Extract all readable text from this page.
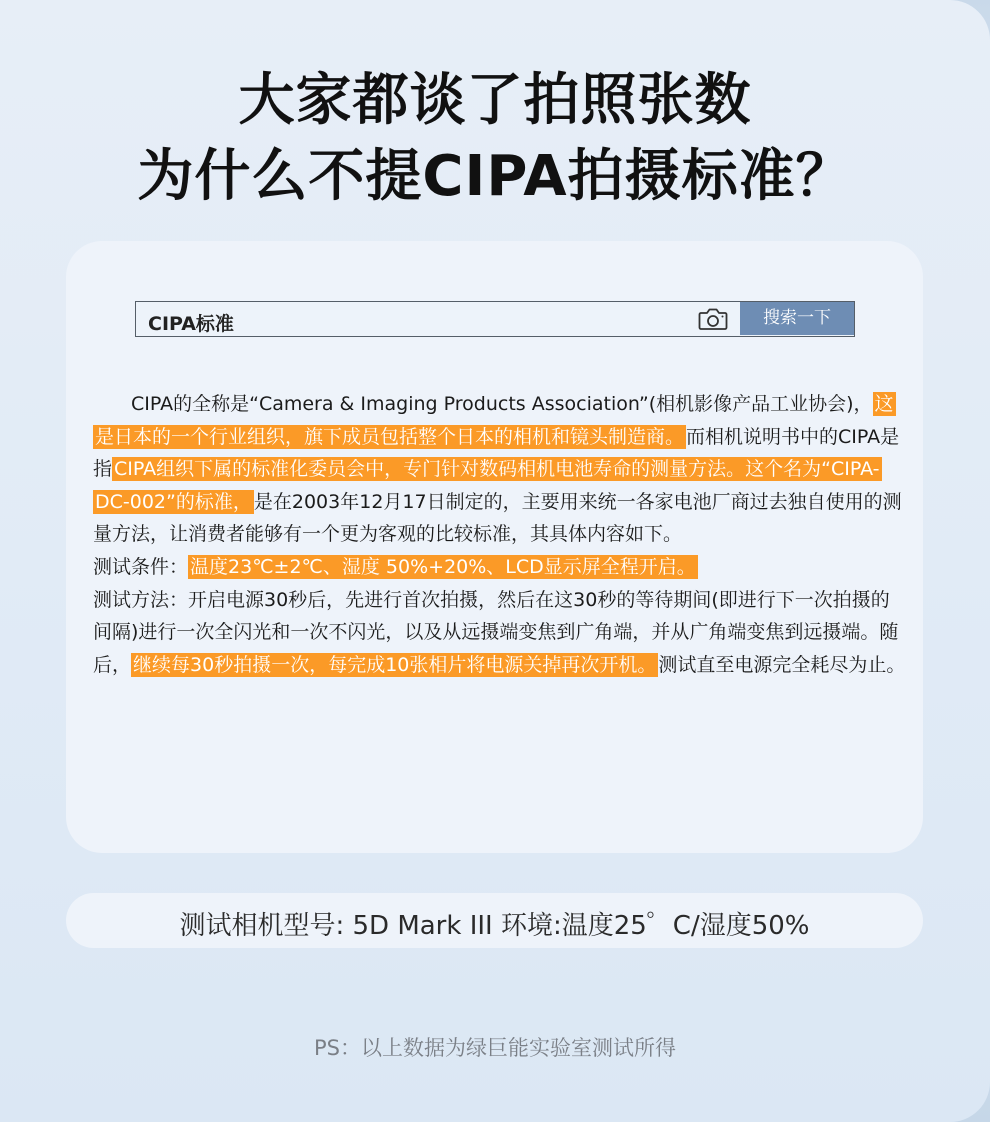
大家都谈了拍照张数
为什么不提CIPA拍摄标准？
CIPA标准	搜索一下

CIPA的全称是“Camera & Imaging Products Association”(相机影像产品工业协会)， 这是日本的一个行业组织，旗下成员包括整个日本的相机和镜头制造商。 而相机说明书中的CIPA是指 CIPA组织下属的标准化委员会中，专门针对数码相机电池寿命的测量方法。这个名为“CIPA-DC-002”的标准， 是在2003年12月17日制定的，主要用来统一各家电池厂商过去独自使用的测量方法，让消费者能够有一个更为客观的比较标准，其具体内容如下。

测试条件： 温度23℃±2℃、湿度 50%+20%、LCD显示屏全程开启。

测试方法：开启电源30秒后，先进行首次拍摄，然后在这30秒的等待期间(即进行下一次拍摄的间隔)进行一次全闪光和一次不闪光，以及从远摄端变焦到广角端，并从广角端变焦到远摄端。随后， 继续每30秒拍摄一次，每完成10张相片将电源关掉再次开机。 测试直至电源完全耗尽为止。

测试相机型号: 5D Mark III 环境:温度25゜C/湿度50%
PS：以上数据为绿巨能实验室测试所得
